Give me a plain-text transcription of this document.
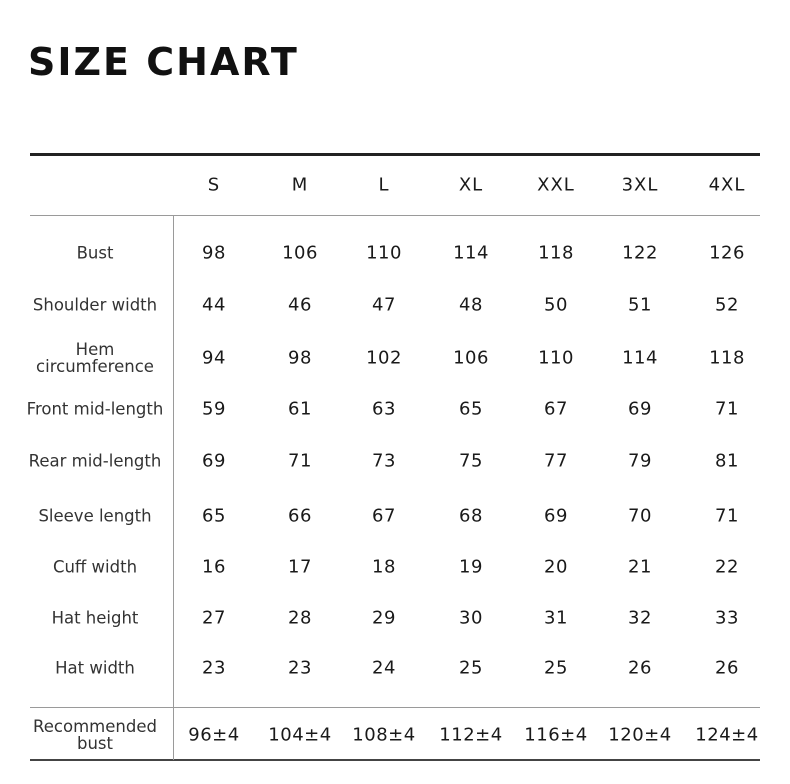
SIZE CHART
S	M	L	XL	XXL	3XL	4XL
Bust	98	106	110	114	118	122	126
Shoulder width	44	46	47	48	50	51	52
Hem circumference	94	98	102	106	110	114	118
Front mid-length	59	61	63	65	67	69	71
Rear mid-length	69	71	73	75	77	79	81
Sleeve length	65	66	67	68	69	70	71
Cuff width	16	17	18	19	20	21	22
Hat height	27	28	29	30	31	32	33
Hat width	23	23	24	25	25	26	26
Recommended bust	96±4 104±4 108±4 112±4 116±4 120±4 124±4
